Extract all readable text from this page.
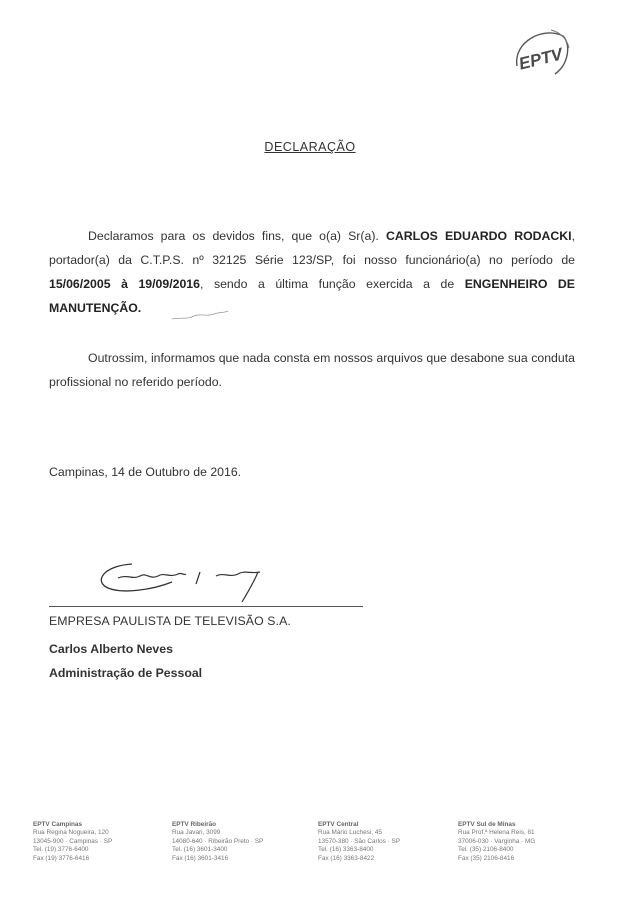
EPTV
DECLARAÇÃO
Declaramos para os devidos fins, que o(a) Sr(a). CARLOS EDUARDO RODACKI, portador(a) da C.T.P.S. nº 32125 Série 123/SP, foi nosso funcionário(a) no período de 15/06/2005 à 19/09/2016, sendo a última função exercida a de ENGENHEIRO DE MANUTENÇÃO.
Outrossim, informamos que nada consta em nossos arquivos que desabone sua conduta profissional no referido período.
Campinas, 14 de Outubro de 2016.
EMPRESA PAULISTA DE TELEVISÃO S.A.
Carlos Alberto Neves
Administração de Pessoal
EPTV Campinas
Rua Regina Nogueira, 120
13045-900 · Campinas · SP
Tel. (19) 3776-6400
Fax (19) 3776-6416
EPTV Ribeirão
Rua Javari, 3099
14080-640 · Ribeirão Preto · SP
Tel. (16) 3601-3400
Fax (16) 3601-3416
EPTV Central
Rua Mário Luchesi, 45
13570-380 · São Carlos · SP
Tel. (16) 3363-8400
Fax (16) 3363-8422
EPTV Sul de Minas
Rua Prof.ª Helena Reis, 81
37006-030 · Varginha · MG
Tel. (35) 2106-8400
Fax (35) 2106-8416
